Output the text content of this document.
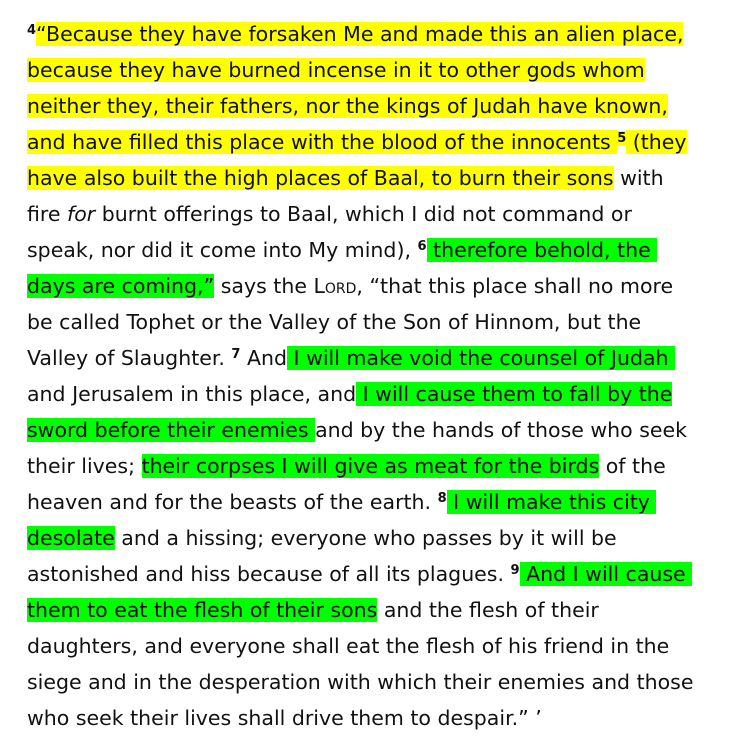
$^4$“Because they have forsaken Me and made this an alien place,
because they have burned incense in it to other gods whom
neither they, their fathers, nor the kings of Judah have known,
and have filled this place with the blood of the innocents $^5$ (they
have also built the high places of Baal, to burn their sons with
fire for burnt offerings to Baal, which I did not command or
speak, nor did it come into My mind), $^6$ therefore behold, the
days are coming,” says the Lord, “that this place shall no more
be called Tophet or the Valley of the Son of Hinnom, but the
Valley of Slaughter. $^7$ And I will make void the counsel of Judah
and Jerusalem in this place, and I will cause them to fall by the
sword before their enemies and by the hands of those who seek
their lives; their corpses I will give as meat for the birds of the
heaven and for the beasts of the earth. $^8$ I will make this city
desolate and a hissing; everyone who passes by it will be
astonished and hiss because of all its plagues. $^9$ And I will cause
them to eat the flesh of their sons and the flesh of their
daughters, and everyone shall eat the flesh of his friend in the
siege and in the desperation with which their enemies and those
who seek their lives shall drive them to despair.” ’
